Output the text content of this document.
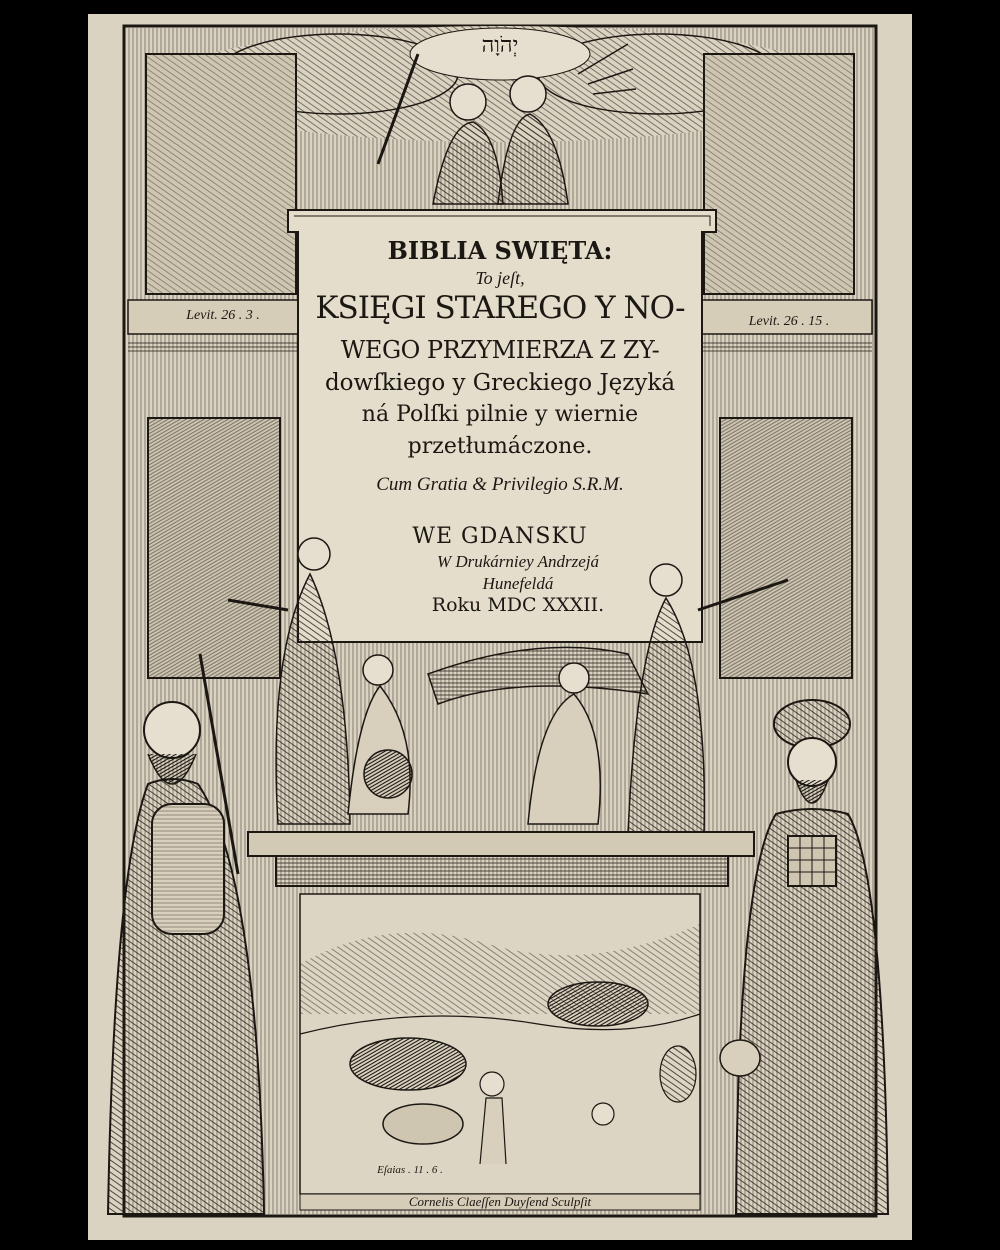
יְהֹוָה
Levit. 26 . 3 .	Levit. 26 . 15 .
BIBLIA SWIĘTA:
To jeſt,
KSIĘGI STAREGO Y NO-
WEGO PRZYMIERZA Z ZY-
dowſkiego y Greckiego Języká
ná Polſki pilnie y wiernie
przetłumáczone.
Cum Gratia & Privilegio S.R.M.
WE GDANSKU
W Drukárniey Andrzejá
Hunefeldá
Roku MDC XXXII.
Eſaias . 11 . 6 .
Cornelis Claeſſen Duyſend Sculpſit
